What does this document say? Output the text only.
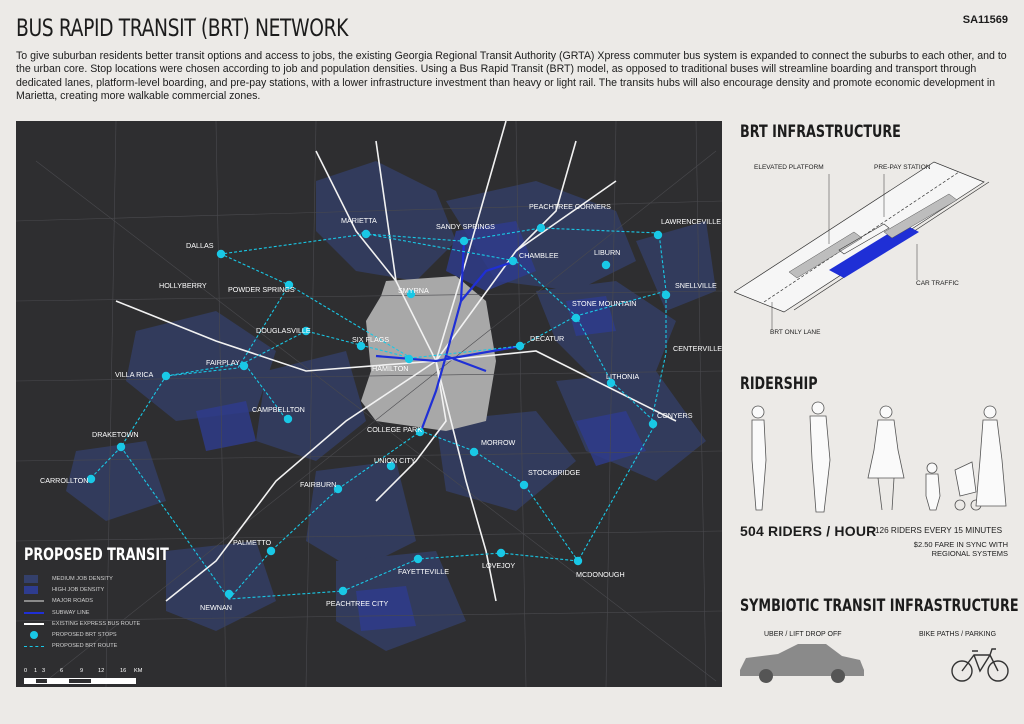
BUS RAPID TRANSIT (BRT) NETWORK	SA11569

To give suburban residents better transit options and access to jobs, the existing Georgia Regional Transit Authority (GRTA) Xpress commuter bus system is expanded to connect the suburbs to each other, and to the urban core. Stop locations were chosen according to job and population densities. Using a Bus Rapid Transit (BRT) model, as opposed to traditional buses will streamline boarding and transport through dedicated lanes, platform-level boarding, and pre-pay stations, with a lower infrastructure investment than heavy or light rail. The transits hubs will also encourage density and promote economic development in Marietta, creating more walkable commercial zones.

MARIETTA
SANDY SPRINGS
PEACHTREE CORNERS
LAWRENCEVILLE
DALLAS
CHAMBLEE	LIBURN
HOLLYBERRY	POWDER SPRINGS	SMYRNA
SNELLVILLE
STONE MOUNTAIN
DOUGLASVILLE
SIX FLAGS	DECATUR
CENTERVILLE
FAIRPLAY
HAMILTON
VILLA RICA	LITHONIA
CAMPBELLTON
CONYERS
COLLEGE PARK
DRAKETOWN
MORROW
UNION CITY
STOCKBRIDGE
CARROLLTON	FAIRBURN
PALMETTO
FAYETTEVILLE
LOVEJOY
MCDONOUGH
NEWNAN	PEACHTREE CITY
PROPOSED TRANSIT
MEDIUM JOB DENSITY
HIGH JOB DENSITY
MAJOR ROADS
SUBWAY LINE
EXISTING EXPRESS BUS ROUTE
PROPOSED BRT STOPS
PROPOSED BRT ROUTE
0 1 3	6	9	12	16 KM
BRT INFRASTRUCTURE
ELEVATED PLATFORM	PRE-PAY STATION
CAR TRAFFIC
BRT ONLY LANE
RIDERSHIP
504 RIDERS / HOUR
126 RIDERS EVERY 15 MINUTES
$2.50 FARE IN SYNC WITH REGIONAL SYSTEMS
SYMBIOTIC TRANSIT INFRASTRUCTURE
UBER / LIFT DROP OFF	BIKE PATHS / PARKING
